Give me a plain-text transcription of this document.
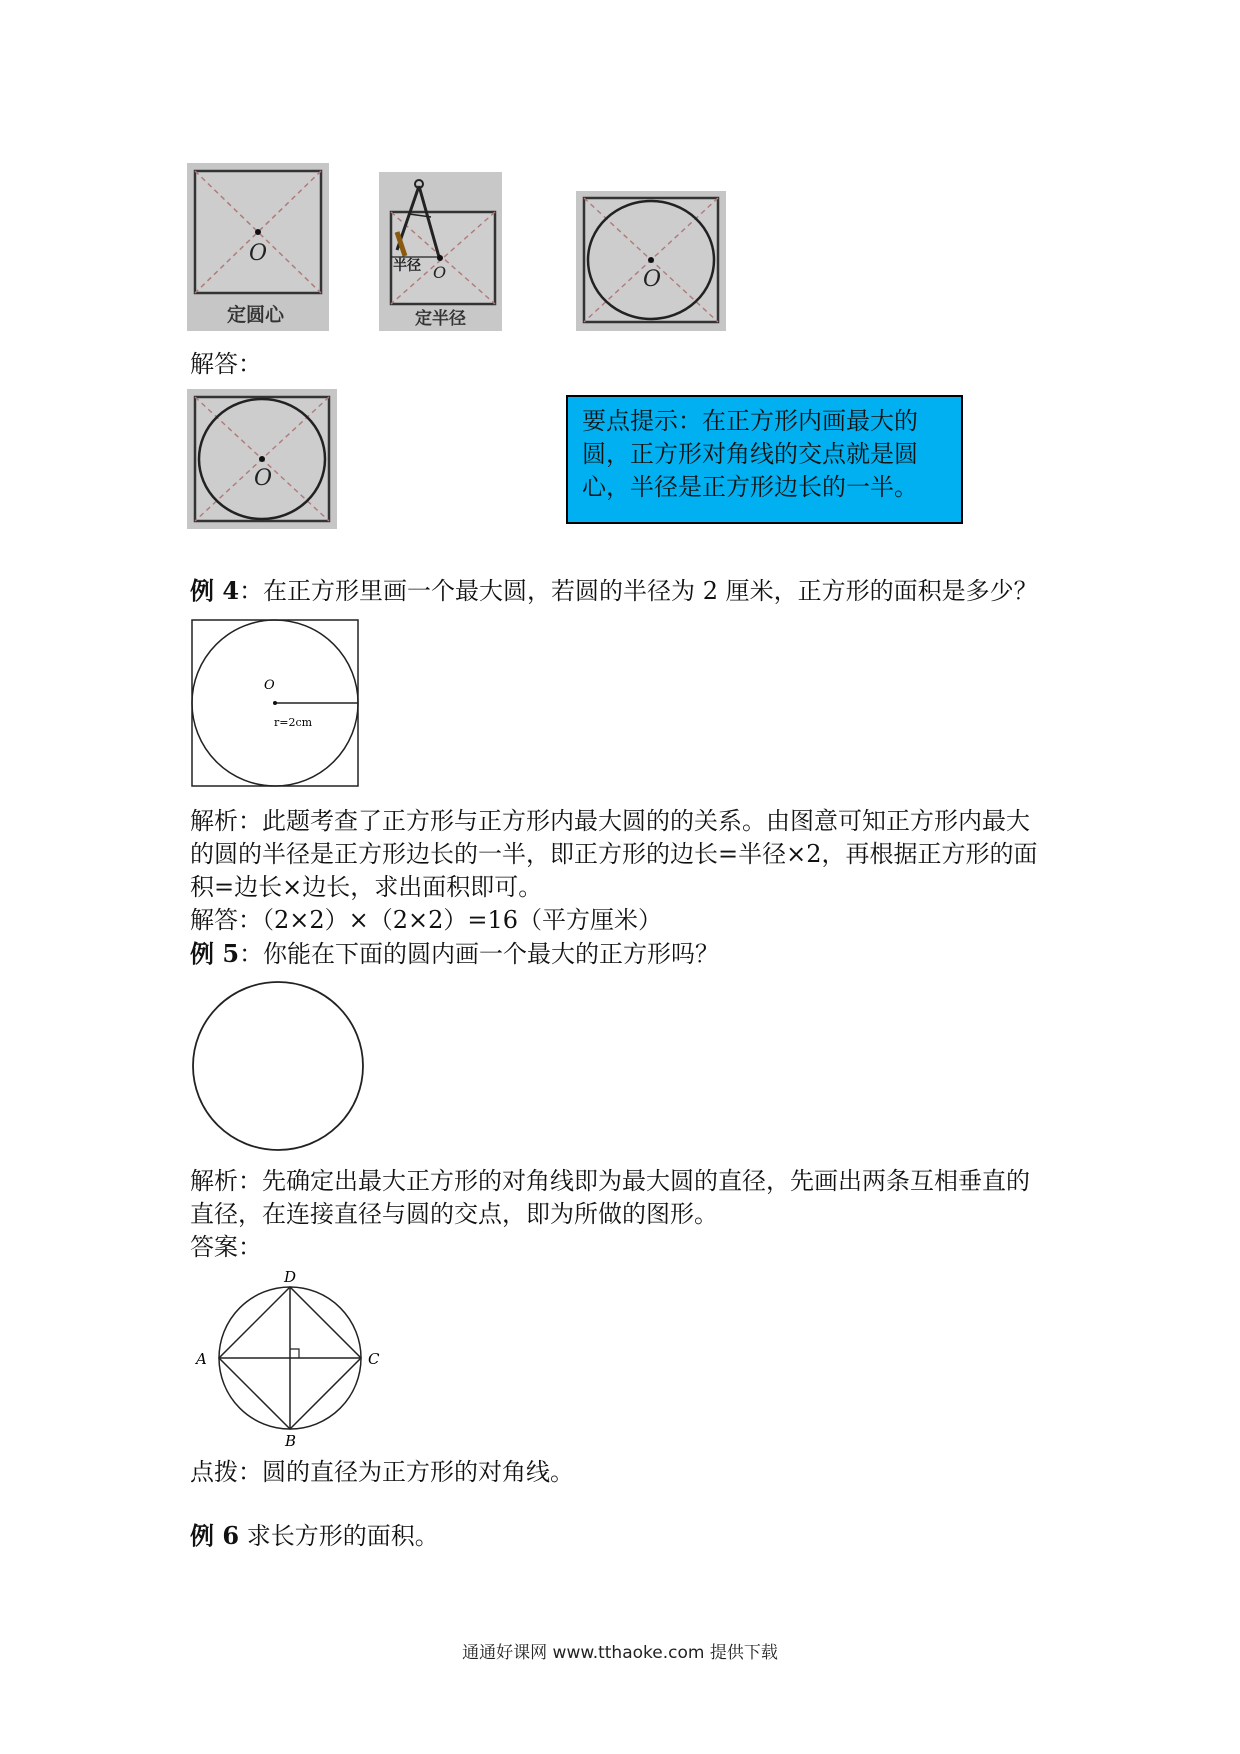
O
定圆心
半径 O
定半径
O
解答：
O
要点提示：在正方形内画最大的
圆，正方形对角线的交点就是圆
心，半径是正方形边长的一半。
例 4：在正方形里画一个最大圆，若圆的半径为 2 厘米，正方形的面积是多少？
O
r=2cm
解析：此题考查了正方形与正方形内最大圆的的关系。由图意可知正方形内最大
的圆的半径是正方形边长的一半，即正方形的边长=半径×2，再根据正方形的面
积=边长×边长，求出面积即可。
解答：（2×2）×（2×2）=16（平方厘米）
例 5：你能在下面的圆内画一个最大的正方形吗？
解析：先确定出最大正方形的对角线即为最大圆的直径，先画出两条互相垂直的
直径，在连接直径与圆的交点，即为所做的图形。
答案：
D
A	C
B
点拨：圆的直径为正方形的对角线。
例 6 求长方形的面积。
通通好课网 www.tthaoke.com 提供下载
